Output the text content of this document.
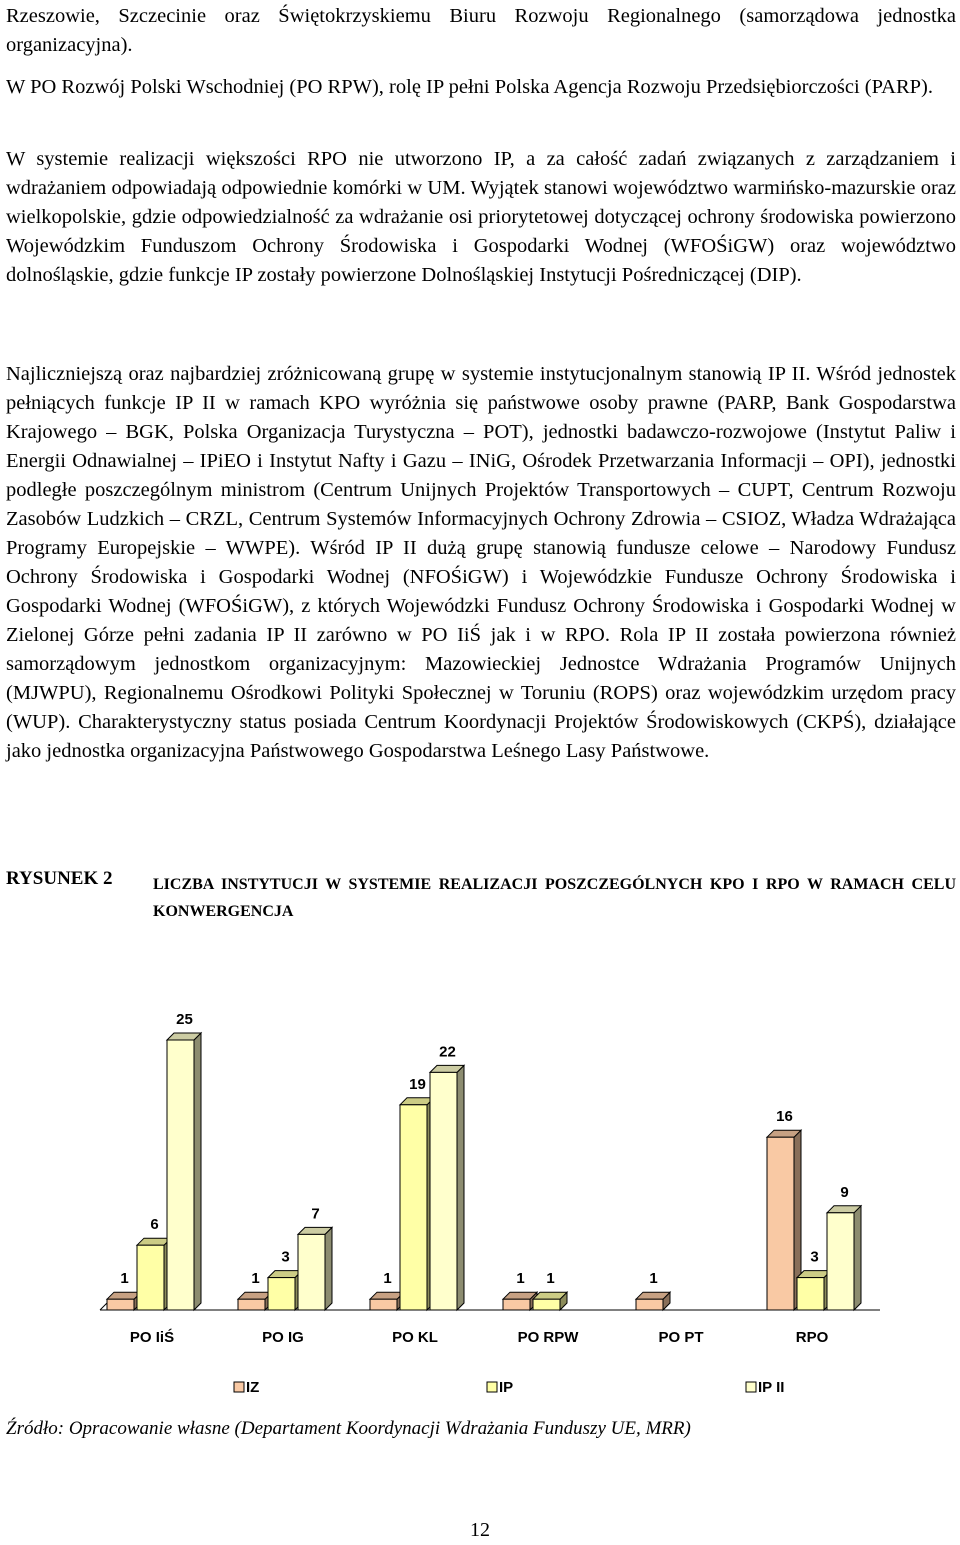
Rzeszowie, Szczecinie oraz Świętokrzyskiemu Biuru Rozwoju Regionalnego (samorządowa jednostka organizacyjna).

W PO Rozwój Polski Wschodniej (PO RPW), rolę IP pełni Polska Agencja Rozwoju Przedsiębiorczości (PARP).

W systemie realizacji większości RPO nie utworzono IP, a za całość zadań związanych z zarządzaniem i wdrażaniem odpowiadają odpowiednie komórki w UM. Wyjątek stanowi województwo warmińsko-mazurskie oraz wielkopolskie, gdzie odpowiedzialność za wdrażanie osi priorytetowej dotyczącej ochrony środowiska powierzono Wojewódzkim Funduszom Ochrony Środowiska i Gospodarki Wodnej (WFOŚiGW) oraz województwo dolnośląskie, gdzie funkcje IP zostały powierzone Dolnośląskiej Instytucji Pośredniczącej (DIP).

Najliczniejszą oraz najbardziej zróżnicowaną grupę w systemie instytucjonalnym stanowią IP II. Wśród jednostek pełniących funkcje IP II w ramach KPO wyróżnia się państwowe osoby prawne (PARP, Bank Gospodarstwa Krajowego – BGK, Polska Organizacja Turystyczna – POT), jednostki badawczo-rozwojowe (Instytut Paliw i Energii Odnawialnej – IPiEO i Instytut Nafty i Gazu – INiG, Ośrodek Przetwarzania Informacji – OPI), jednostki podległe poszczególnym ministrom (Centrum Unijnych Projektów Transportowych – CUPT, Centrum Rozwoju Zasobów Ludzkich – CRZL, Centrum Systemów Informacyjnych Ochrony Zdrowia – CSIOZ, Władza Wdrażająca Programy Europejskie – WWPE). Wśród IP II dużą grupę stanowią fundusze celowe – Narodowy Fundusz Ochrony Środowiska i Gospodarki Wodnej (NFOŚiGW) i Wojewódzkie Fundusze Ochrony Środowiska i Gospodarki Wodnej (WFOŚiGW), z których Wojewódzki Fundusz Ochrony Środowiska i Gospodarki Wodnej w Zielonej Górze pełni zadania IP II zarówno w PO IiŚ jak i w RPO. Rola IP II została powierzona również samorządowym jednostkom organizacyjnym: Mazowieckiej Jednostce Wdrażania Programów Unijnych (MJWPU), Regionalnemu Ośrodkowi Polityki Społecznej w Toruniu (ROPS) oraz wojewódzkim urzędom pracy (WUP). Charakterystyczny status posiada Centrum Koordynacji Projektów Środowiskowych (CKPŚ), działające jako jednostka organizacyjna Państwowego Gospodarstwa Leśnego Lasy Państwowe.

RYSUNEK 2	LICZBA INSTYTUCJI W SYSTEMIE REALIZACJI POSZCZEGÓLNYCH KPO I RPO W RAMACH CELU KONWERGENCJA
1
6
25
PO IiŚ
1
3
7
PO IG
1
19
22
PO KL
1 1
PO RPW
1
PO PT
16
3
9
RPO
IZ	IP	IP II
Źródło: Opracowanie własne (Departament Koordynacji Wdrażania Funduszy UE, MRR)
12
